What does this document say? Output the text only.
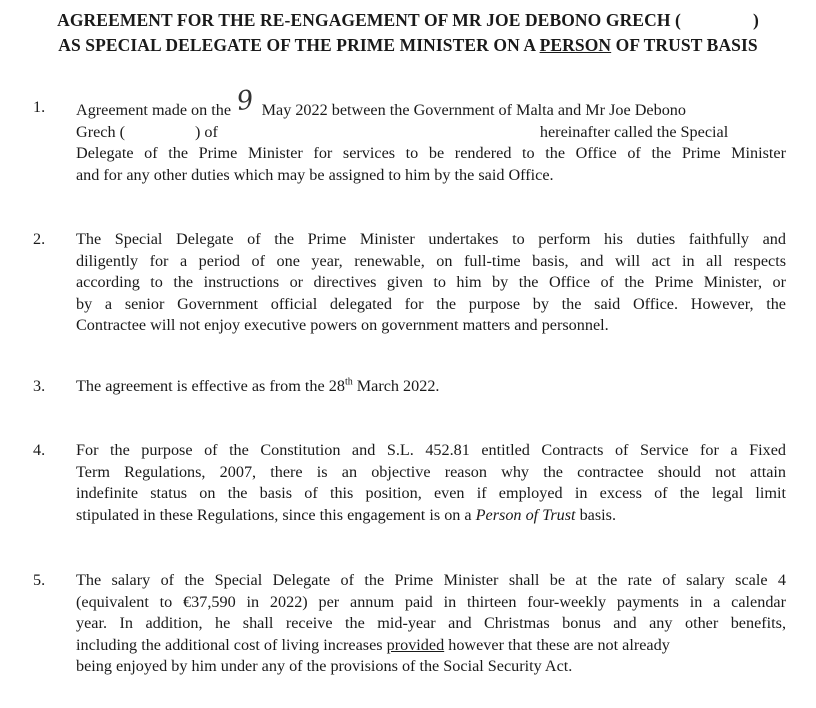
AGREEMENT FOR THE RE-ENGAGEMENT OF MR JOE DEBONO GRECH (	)
AS SPECIAL DELEGATE OF THE PRIME MINISTER ON A PERSON OF TRUST BASIS
1. Agreement made on the 9 May 2022 between the Government of Malta and Mr Joe Debono
Grech (	) of	hereinafter called the Special
Delegate of the Prime Minister for services to be rendered to the Office of the Prime Minister
and for any other duties which may be assigned to him by the said Office.
2. The Special Delegate of the Prime Minister undertakes to perform his duties faithfully and
diligently for a period of one year, renewable, on full-time basis, and will act in all respects
according to the instructions or directives given to him by the Office of the Prime Minister, or
by a senior Government official delegated for the purpose by the said Office. However, the
Contractee will not enjoy executive powers on government matters and personnel.
3. The agreement is effective as from the 28th March 2022.
4. For the purpose of the Constitution and S.L. 452.81 entitled Contracts of Service for a Fixed
Term Regulations, 2007, there is an objective reason why the contractee should not attain
indefinite status on the basis of this position, even if employed in excess of the legal limit
stipulated in these Regulations, since this engagement is on a Person of Trust basis.
5. The salary of the Special Delegate of the Prime Minister shall be at the rate of salary scale 4
(equivalent to €37,590 in 2022) per annum paid in thirteen four-weekly payments in a calendar
year. In addition, he shall receive the mid-year and Christmas bonus and any other benefits,
including the additional cost of living increases provided however that these are not already
being enjoyed by him under any of the provisions of the Social Security Act.
